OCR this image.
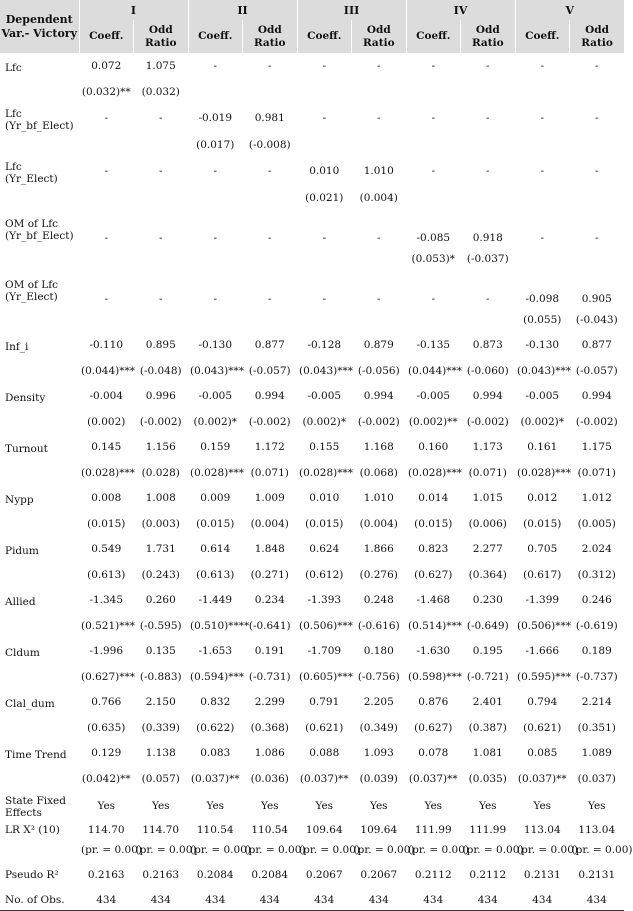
Dependent Var.- Victory	I		II		III		IV		V	
	Coeff.	Odd Ratio	Coeff.	Odd Ratio	Coeff.	Odd Ratio	Coeff.	Odd Ratio	Coeff.	Odd Ratio
Lfc	0.072	1.075	-	-	-	-	-	-	-	-
	(0.032)**	(0.032)								
Lfc (Yr_bf_Elect)	-	-	-0.019	0.981	-	-	-	-	-	-
			(0.017)	(-0.008)						
Lfc (Yr_Elect)	-	-	-	-	0.010	1.010	-	-	-	-
					(0.021)	(0.004)				
OM of Lfc (Yr_bf_Elect)	-	-	-	-	-	-	-0.085	0.918	-	-
							(0.053)*	(-0.037)		
OM of Lfc (Yr_Elect)	-	-	-	-	-	-	-	-	-0.098	0.905
									(0.055)	(-0.043)
Inf_i	-0.110	0.895	-0.130	0.877	-0.128	0.879	-0.135	0.873	-0.130	0.877
	(0.044)***	(-0.048)	(0.043)***	(-0.057)	(0.043)***	(-0.056)	(0.044)***	(-0.060)	(0.043)***	(-0.057)
Density	-0.004	0.996	-0.005	0.994	-0.005	0.994	-0.005	0.994	-0.005	0.994
	(0.002)	(-0.002)	(0.002)*	(-0.002)	(0.002)*	(-0.002)	(0.002)**	(-0.002)	(0.002)*	(-0.002)
Turnout	0.145	1.156	0.159	1.172	0.155	1.168	0.160	1.173	0.161	1.175
	(0.028)***	(0.028)	(0.028)***	(0.071)	(0.028)***	(0.068)	(0.028)***	(0.071)	(0.028)***	(0.071)
Nypp	0.008	1.008	0.009	1.009	0.010	1.010	0.014	1.015	0.012	1.012
	(0.015)	(0.003)	(0.015)	(0.004)	(0.015)	(0.004)	(0.015)	(0.006)	(0.015)	(0.005)
Pidum	0.549	1.731	0.614	1.848	0.624	1.866	0.823	2.277	0.705	2.024
	(0.613)	(0.243)	(0.613)	(0.271)	(0.612)	(0.276)	(0.627)	(0.364)	(0.617)	(0.312)
Allied	-1.345	0.260	-1.449	0.234	-1.393	0.248	-1.468	0.230	-1.399	0.246
	(0.521)***	(-0.595)	(0.510)****	(-0.641)	(0.506)***	(-0.616)	(0.514)***	(-0.649)	(0.506)***	(-0.619)
Cldum	-1.996	0.135	-1.653	0.191	-1.709	0.180	-1.630	0.195	-1.666	0.189
	(0.627)***	(-0.883)	(0.594)***	(-0.731)	(0.605)***	(-0.756)	(0.598)***	(-0.721)	(0.595)***	(-0.737)
Clal_dum	0.766	2.150	0.832	2.299	0.791	2.205	0.876	2.401	0.794	2.214
	(0.635)	(0.339)	(0.622)	(0.368)	(0.621)	(0.349)	(0.627)	(0.387)	(0.621)	(0.351)
Time Trend	0.129	1.138	0.083	1.086	0.088	1.093	0.078	1.081	0.085	1.089
	(0.042)**	(0.057)	(0.037)**	(0.036)	(0.037)**	(0.039)	(0.037)**	(0.035)	(0.037)**	(0.037)
State Fixed Effects	Yes	Yes	Yes	Yes	Yes	Yes	Yes	Yes	Yes	Yes
LR X² (10)	114.70	114.70	110.54	110.54	109.64	109.64	111.99	111.99	113.04	113.04
	(pr. = 0.00)	(pr. = 0.00)	(pr. = 0.00)	(pr. = 0.00)	(pr. = 0.00)	(pr. = 0.00)	(pr. = 0.00)	(pr. = 0.00)	(pr. = 0.00)	(pr. = 0.00)
Pseudo R²	0.2163	0.2163	0.2084	0.2084	0.2067	0.2067	0.2112	0.2112	0.2131	0.2131
No. of Obs.	434	434	434	434	434	434	434	434	434	434
